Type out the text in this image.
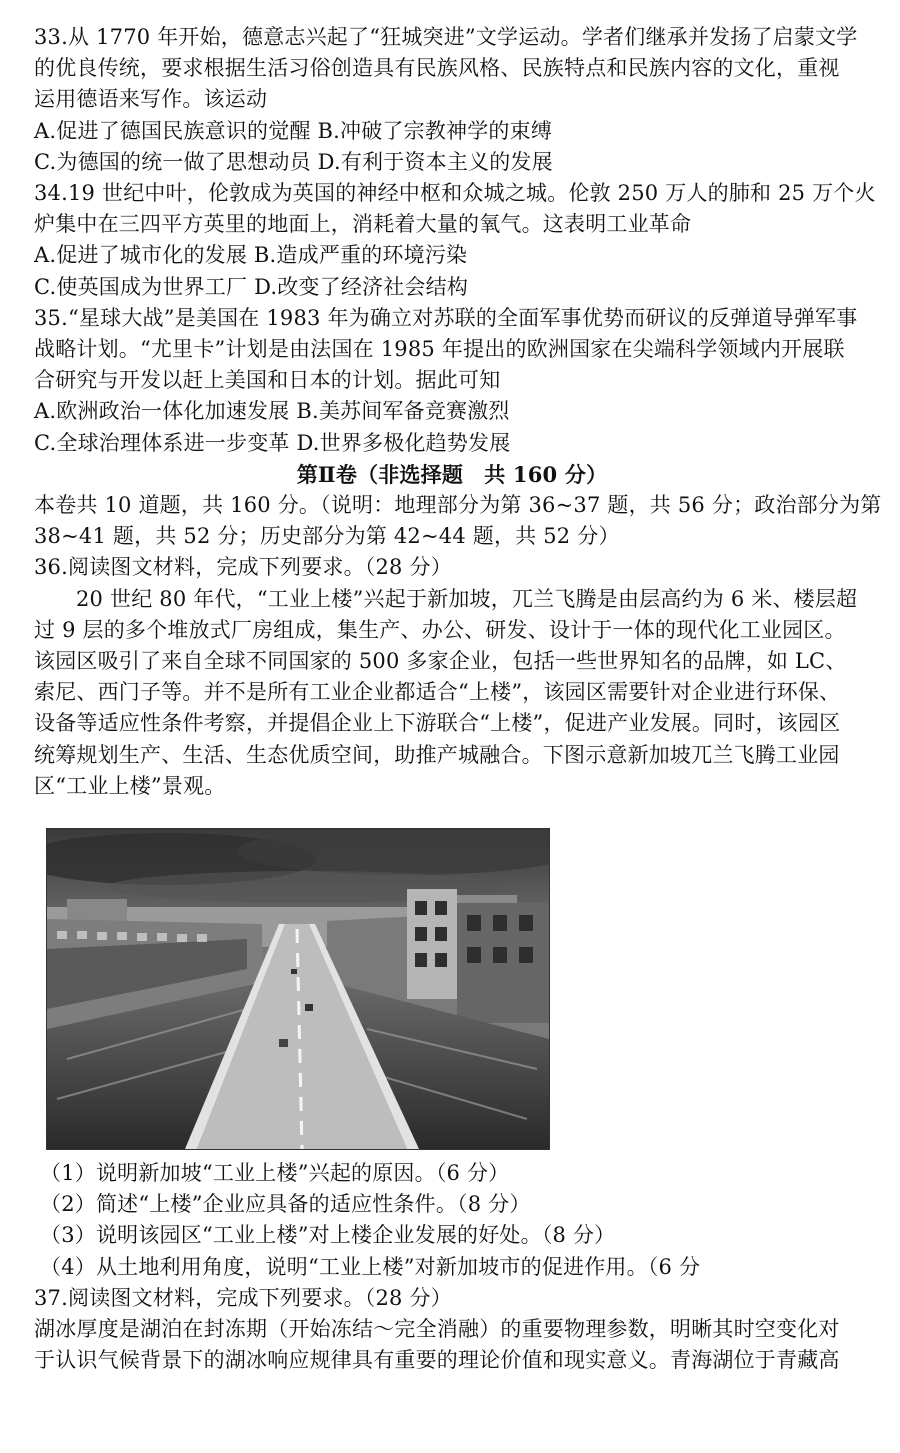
33.从 1770 年开始，德意志兴起了“狂城突进”文学运动。学者们继承并发扬了启蒙文学
的优良传统，要求根据生活习俗创造具有民族风格、民族特点和民族内容的文化，重视
运用德语来写作。该运动
A.促进了德国民族意识的觉醒 B.冲破了宗教神学的束缚
C.为德国的统一做了思想动员 D.有利于资本主义的发展
34.19 世纪中叶，伦敦成为英国的神经中枢和众城之城。伦敦 250 万人的肺和 25 万个火
炉集中在三四平方英里的地面上，消耗着大量的氧气。这表明工业革命
A.促进了城市化的发展 B.造成严重的环境污染
C.使英国成为世界工厂 D.改变了经济社会结构
35.“星球大战”是美国在 1983 年为确立对苏联的全面军事优势而研议的反弹道导弹军事
战略计划。“尤里卡”计划是由法国在 1985 年提出的欧洲国家在尖端科学领域内开展联
合研究与开发以赶上美国和日本的计划。据此可知
A.欧洲政治一体化加速发展 B.美苏间军备竞赛激烈
C.全球治理体系进一步变革 D.世界多极化趋势发展
第Ⅱ卷（非选择题　共 160 分）
本卷共 10 道题，共 160 分。（说明：地理部分为第 36~37 题，共 56 分；政治部分为第
38~41 题，共 52 分；历史部分为第 42~44 题，共 52 分）
36.阅读图文材料，完成下列要求。（28 分）
20 世纪 80 年代，“工业上楼”兴起于新加坡，兀兰飞腾是由层高约为 6 米、楼层超
过 9 层的多个堆放式厂房组成，集生产、办公、研发、设计于一体的现代化工业园区。
该园区吸引了来自全球不同国家的 500 多家企业，包括一些世界知名的品牌，如 LC、
索尼、西门子等。并不是所有工业企业都适合“上楼”，该园区需要针对企业进行环保、
设备等适应性条件考察，并提倡企业上下游联合“上楼”，促进产业发展。同时，该园区
统筹规划生产、生活、生态优质空间，助推产城融合。下图示意新加坡兀兰飞腾工业园
区“工业上楼”景观。
（1）说明新加坡“工业上楼”兴起的原因。（6 分）
（2）简述“上楼”企业应具备的适应性条件。（8 分）
（3）说明该园区“工业上楼”对上楼企业发展的好处。（8 分）
（4）从土地利用角度，说明“工业上楼”对新加坡市的促进作用。（6 分
37.阅读图文材料，完成下列要求。（28 分）
湖冰厚度是湖泊在封冻期（开始冻结～完全消融）的重要物理参数，明晰其时空变化对
于认识气候背景下的湖冰响应规律具有重要的理论价值和现实意义。青海湖位于青藏高
